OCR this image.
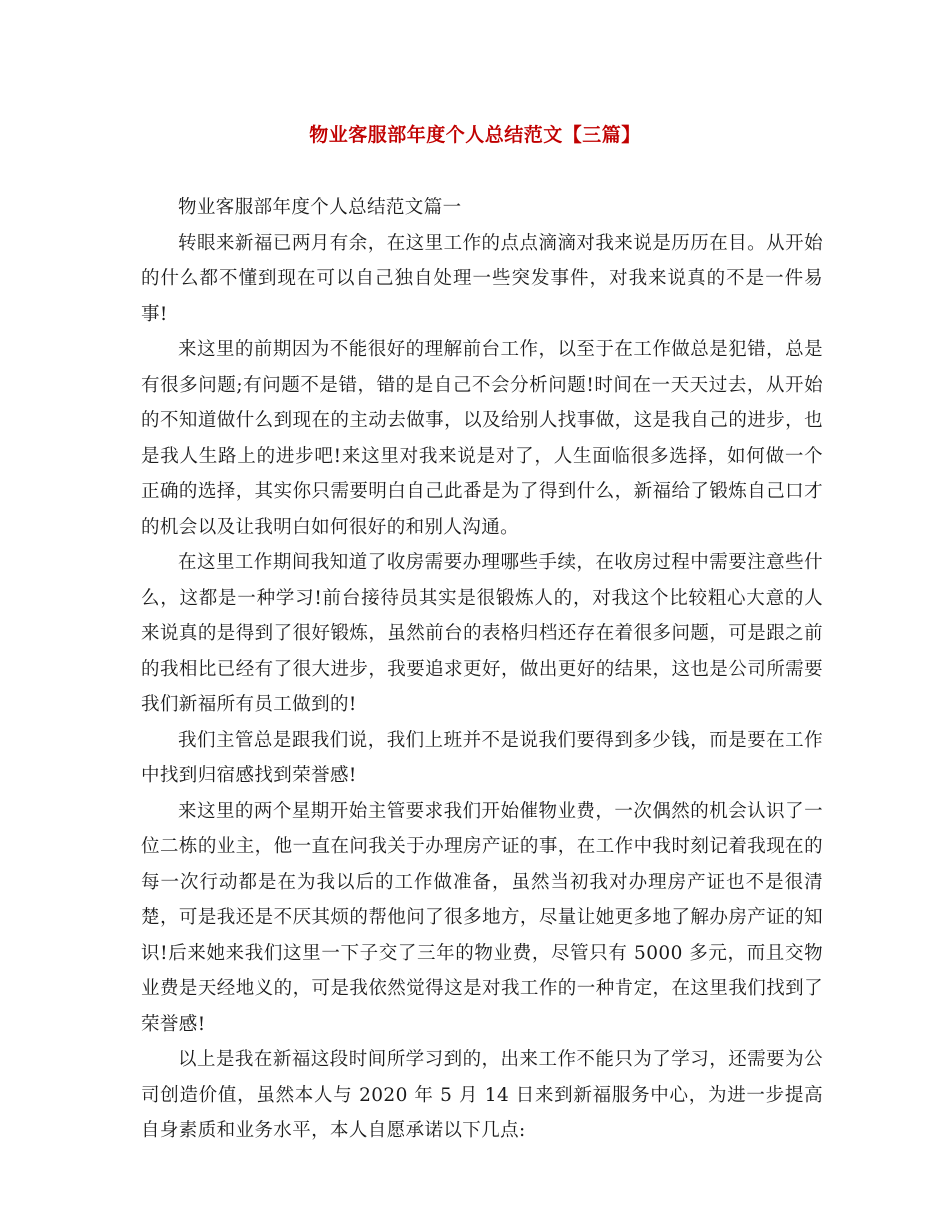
物业客服部年度个人总结范文【三篇】

物业客服部年度个人总结范文篇一

转眼来新福已两月有余，在这里工作的点点滴滴对我来说是历历在目。从开始的什么都不懂到现在可以自己独自处理一些突发事件，对我来说真的不是一件易事!

来这里的前期因为不能很好的理解前台工作，以至于在工作做总是犯错，总是有很多问题;有问题不是错，错的是自己不会分析问题!时间在一天天过去，从开始的不知道做什么到现在的主动去做事，以及给别人找事做，这是我自己的进步，也是我人生路上的进步吧!来这里对我来说是对了，人生面临很多选择，如何做一个正确的选择，其实你只需要明白自己此番是为了得到什么，新福给了锻炼自己口才的机会以及让我明白如何很好的和别人沟通。

在这里工作期间我知道了收房需要办理哪些手续，在收房过程中需要注意些什么，这都是一种学习!前台接待员其实是很锻炼人的，对我这个比较粗心大意的人来说真的是得到了很好锻炼，虽然前台的表格归档还存在着很多问题，可是跟之前的我相比已经有了很大进步，我要追求更好，做出更好的结果，这也是公司所需要我们新福所有员工做到的!

我们主管总是跟我们说，我们上班并不是说我们要得到多少钱，而是要在工作中找到归宿感找到荣誉感!

来这里的两个星期开始主管要求我们开始催物业费，一次偶然的机会认识了一位二栋的业主，他一直在问我关于办理房产证的事，在工作中我时刻记着我现在的每一次行动都是在为我以后的工作做准备，虽然当初我对办理房产证也不是很清楚，可是我还是不厌其烦的帮他问了很多地方，尽量让她更多地了解办房产证的知识!后来她来我们这里一下子交了三年的物业费，尽管只有 5000 多元，而且交物业费是天经地义的，可是我依然觉得这是对我工作的一种肯定，在这里我们找到了荣誉感!

以上是我在新福这段时间所学习到的，出来工作不能只为了学习，还需要为公司创造价值，虽然本人与 2020 年 5 月 14 日来到新福服务中心，为进一步提高自身素质和业务水平，本人自愿承诺以下几点:
